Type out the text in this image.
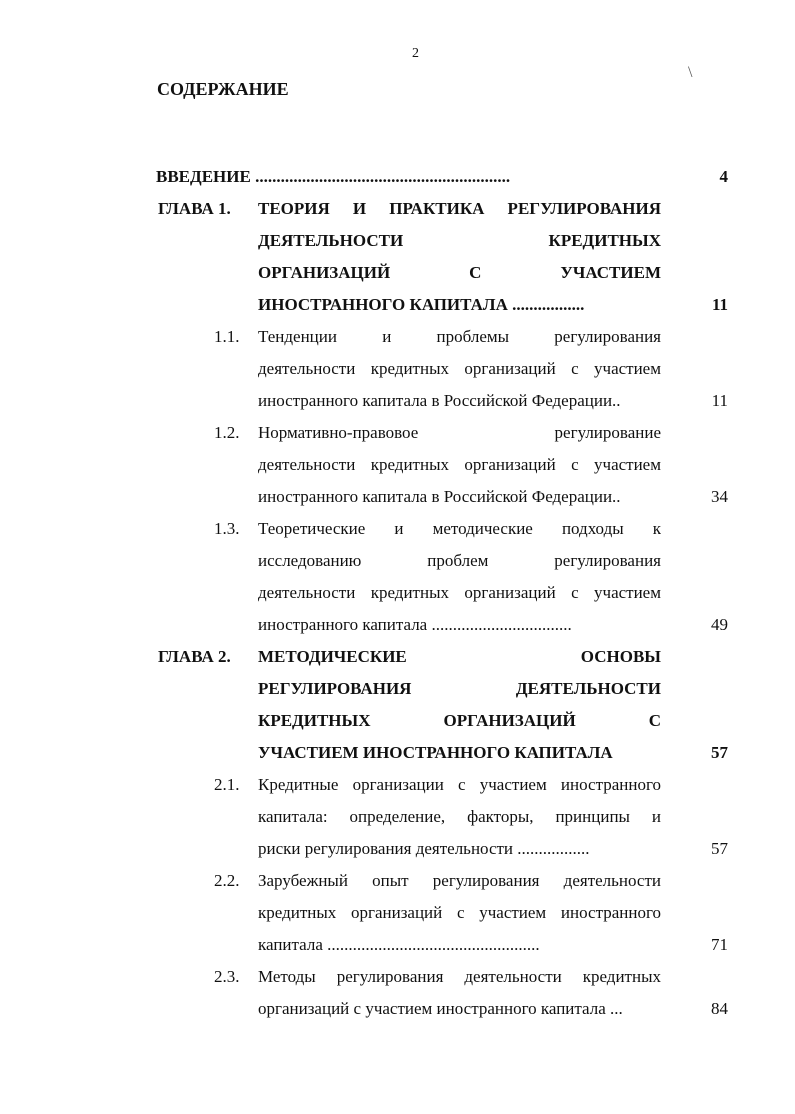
2
СОДЕРЖАНИЕ
\
ВВЕДЕНИЕ ............................................................	4
ГЛАВА 1. ТЕОРИЯ И ПРАКТИКА РЕГУЛИРОВАНИЯ
ДЕЯТЕЛЬНОСТИ КРЕДИТНЫХ
ОРГАНИЗАЦИЙ С УЧАСТИЕМ
ИНОСТРАННОГО КАПИТАЛА .................	11
1.1. Тенденции и проблемы регулирования
деятельности кредитных организаций с участием
иностранного капитала в Российской Федерации..	11
1.2. Нормативно-правовое регулирование
деятельности кредитных организаций с участием
иностранного капитала в Российской Федерации..	34
1.3. Теоретические и методические подходы к
исследованию проблем регулирования
деятельности кредитных организаций с участием
иностранного капитала .................................	49
ГЛАВА 2. МЕТОДИЧЕСКИЕ ОСНОВЫ
РЕГУЛИРОВАНИЯ ДЕЯТЕЛЬНОСТИ
КРЕДИТНЫХ ОРГАНИЗАЦИЙ С
УЧАСТИЕМ ИНОСТРАННОГО КАПИТАЛА	57
2.1. Кредитные организации с участием иностранного
капитала: определение, факторы, принципы и
риски регулирования деятельности .................	57
2.2. Зарубежный опыт регулирования деятельности
кредитных организаций с участием иностранного
капитала ..................................................	71
2.3. Методы регулирования деятельности кредитных
организаций с участием иностранного капитала ...	84
